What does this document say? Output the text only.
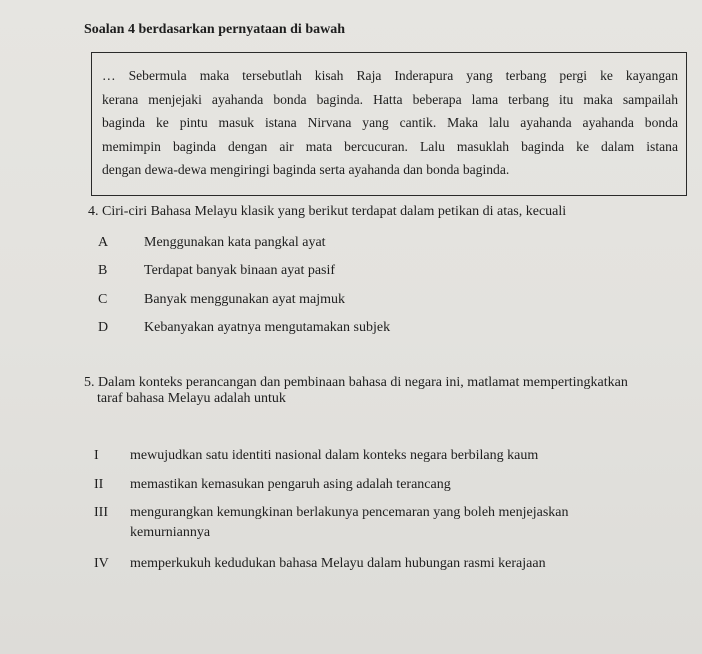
Soalan 4 berdasarkan pernyataan di bawah
… Sebermula maka tersebutlah kisah Raja Inderapura yang terbang pergi ke kayangan
kerana menjejaki ayahanda bonda baginda. Hatta beberapa lama terbang itu maka sampailah
baginda ke pintu masuk istana Nirvana yang cantik. Maka lalu ayahanda ayahanda bonda
memimpin baginda dengan air mata bercucuran. Lalu masuklah baginda ke dalam istana
dengan dewa-dewa mengiringi baginda serta ayahanda dan bonda baginda.
4. Ciri-ciri Bahasa Melayu klasik yang berikut terdapat dalam petikan di atas, kecuali
A	Menggunakan kata pangkal ayat
B	Terdapat banyak binaan ayat pasif
C	Banyak menggunakan ayat majmuk
D	Kebanyakan ayatnya mengutamakan subjek
5. Dalam konteks perancangan dan pembinaan bahasa di negara ini, matlamat mempertingkatkan
taraf bahasa Melayu adalah untuk
I mewujudkan satu identiti nasional dalam konteks negara berbilang kaum
II memastikan kemasukan pengaruh asing adalah terancang
III mengurangkan kemungkinan berlakunya pencemaran yang boleh menjejaskan
kemurniannya
IV memperkukuh kedudukan bahasa Melayu dalam hubungan rasmi kerajaan
